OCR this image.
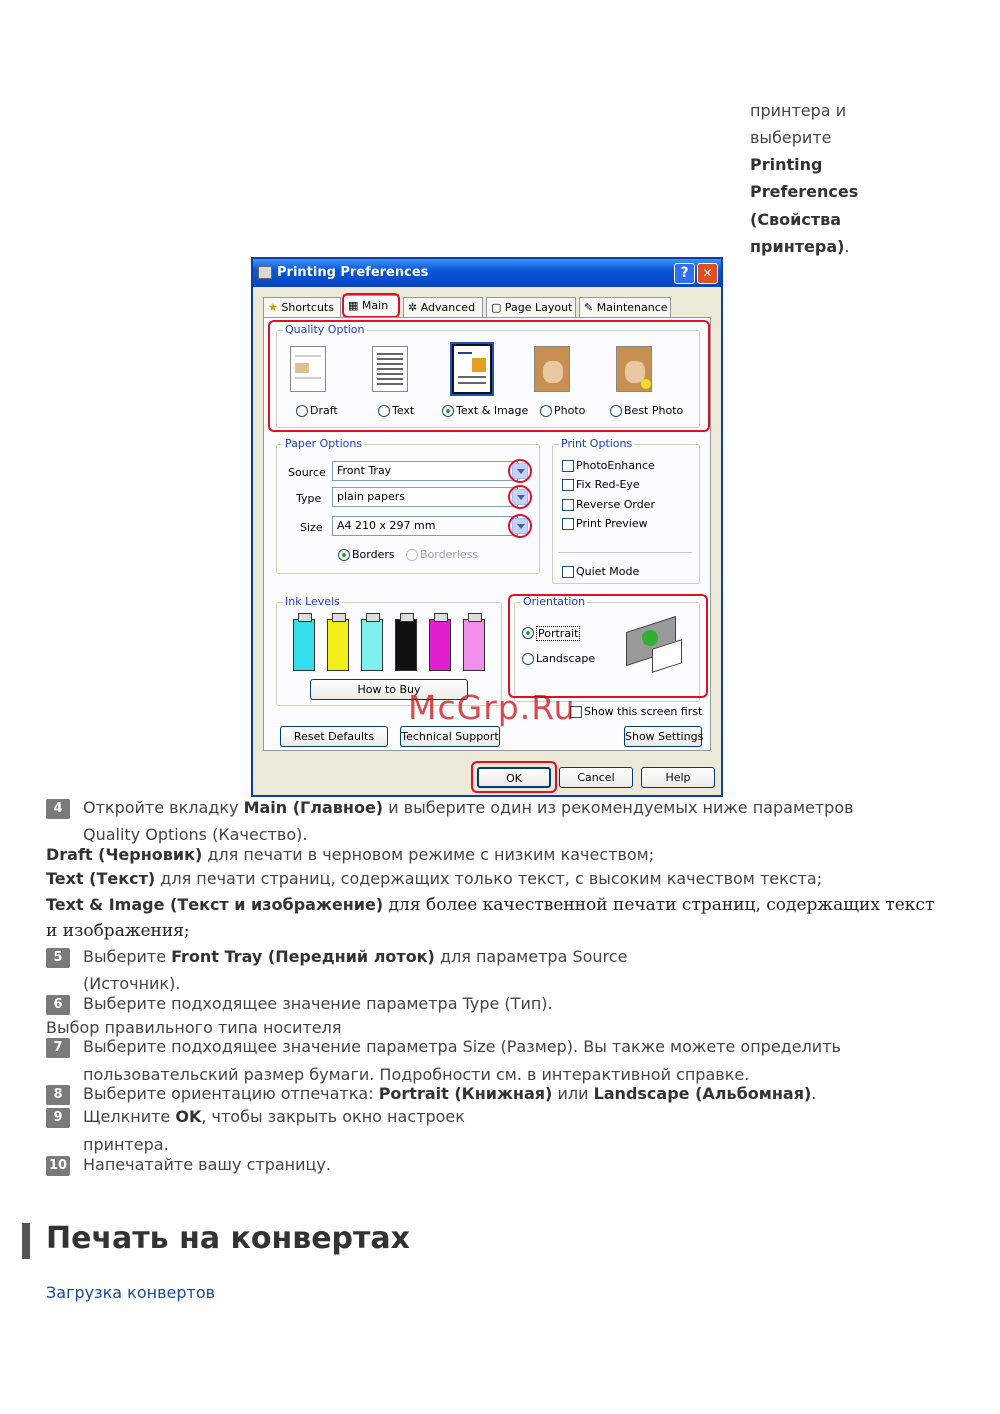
принтера и
выберите
Printing
Preferences
(Свойства
принтера).
Printing Preferences	?	✕
★ Shortcuts	▦ Main	✲ Advanced	▢ Page Layout	✎ Maintenance
Quality Option
Draft	Text	Text & Image Photo	Best Photo
Paper Options
Source	Front Tray
Type	plain papers
Size	A4 210 x 297 mm
Borders Borderless
Print Options
PhotoEnhance
Fix Red-Eye
Reverse Order
Print Preview
Quiet Mode
Ink Levels
How to Buy
Orientation
Portrait
Landscape
Show this screen first
Reset Defaults	Technical Support	Show Settings
OK	Cancel	Help
McGrp.Ru
4	Откройте вкладку Main (Главное) и выберите один из рекомендуемых ниже параметров
Quality Options (Качество).
Draft (Черновик) для печати в черновом режиме с низким качеством;
Text (Текст) для печати страниц, содержащих только текст, с высоким качеством текста;
Text & Image (Текст и изображение) для более качественной печати страниц, содержащих текст
и изображения;
5	Выберите Front Tray (Передний лоток) для параметра Source
(Источник).
6	Выберите подходящее значение параметра Type (Тип).
Выбор правильного типа носителя
7	Выберите подходящее значение параметра Size (Размер). Вы также можете определить
пользовательский размер бумаги. Подробности см. в интерактивной справке.
8	Выберите ориентацию отпечатка: Portrait (Книжная) или Landscape (Альбомная).
9	Щелкните OK, чтобы закрыть окно настроек
принтера.
10 Напечатайте вашу страницу.
Печать на конвертах
Загрузка конвертов
